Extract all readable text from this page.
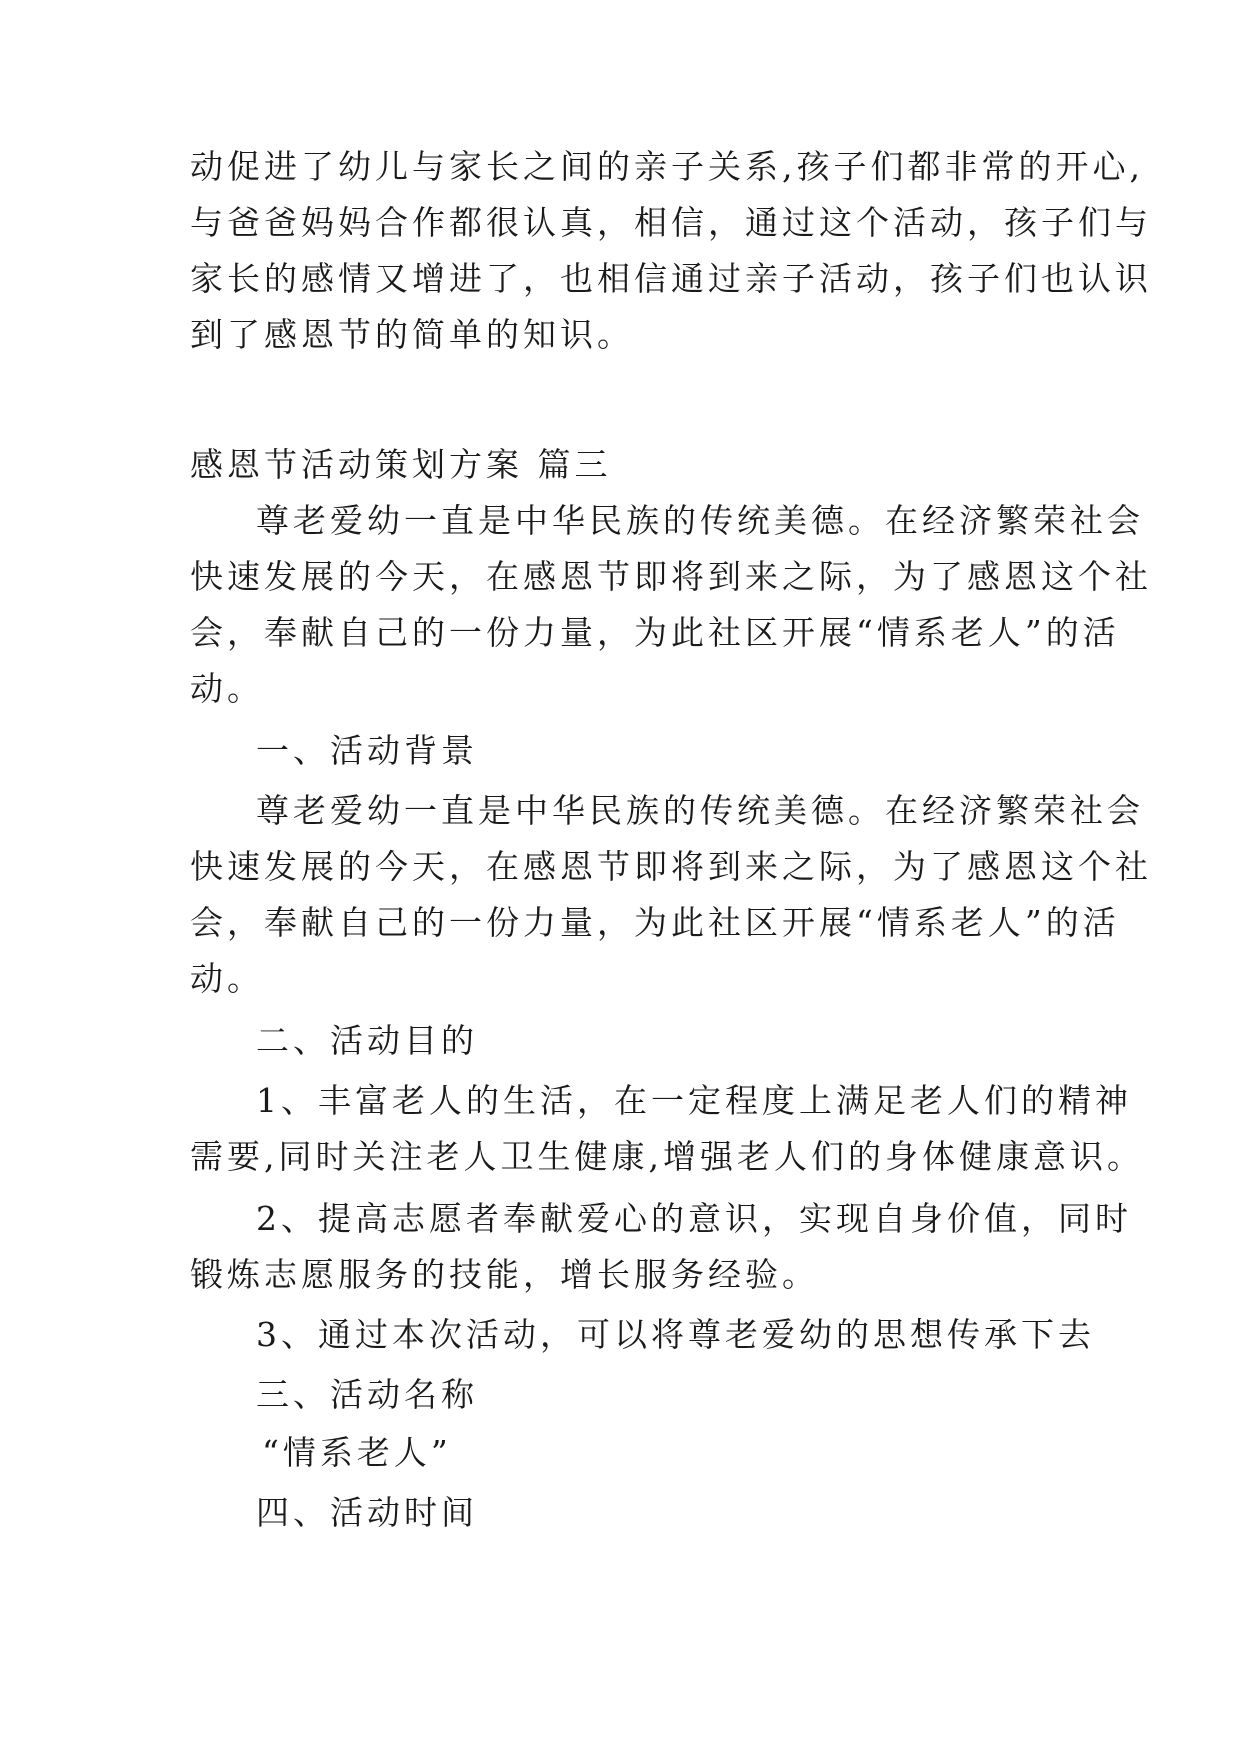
动促进了幼儿与家长之间的亲子关系,孩子们都非常的开心,
与爸爸妈妈合作都很认真，相信，通过这个活动，孩子们与
家长的感情又增进了，也相信通过亲子活动，孩子们也认识
到了感恩节的简单的知识。
感恩节活动策划方案 篇三
尊老爱幼一直是中华民族的传统美德。在经济繁荣社会
快速发展的今天，在感恩节即将到来之际，为了感恩这个社
会，奉献自己的一份力量，为此社区开展“情系老人”的活
动。
一、活动背景
尊老爱幼一直是中华民族的传统美德。在经济繁荣社会
快速发展的今天，在感恩节即将到来之际，为了感恩这个社
会，奉献自己的一份力量，为此社区开展“情系老人”的活
动。
二、活动目的
1、丰富老人的生活，在一定程度上满足老人们的精神
需要,同时关注老人卫生健康,增强老人们的身体健康意识。
2、提高志愿者奉献爱心的意识，实现自身价值，同时
锻炼志愿服务的技能，增长服务经验。
3、通过本次活动，可以将尊老爱幼的思想传承下去
三、活动名称
“情系老人”
四、活动时间
